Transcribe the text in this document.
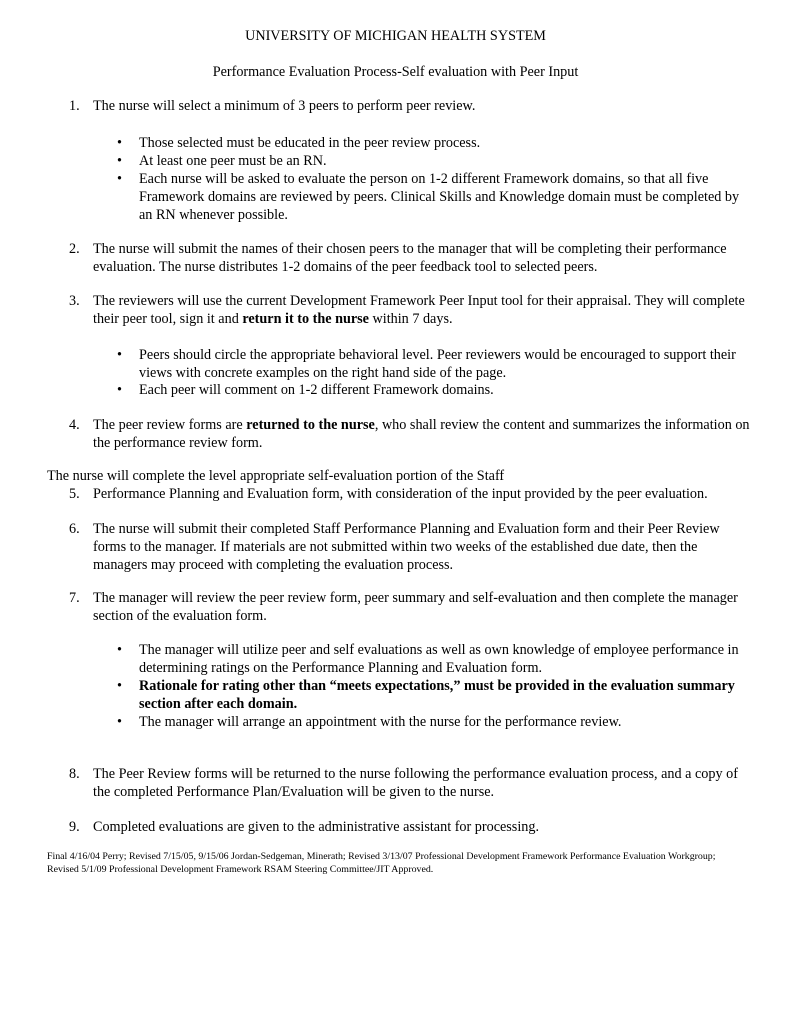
UNIVERSITY OF MICHIGAN HEALTH SYSTEM
Performance Evaluation Process-Self evaluation with Peer Input
1. The nurse will select a minimum of 3 peers to perform peer review.
• Those selected must be educated in the peer review process.
• At least one peer must be an RN.
• Each nurse will be asked to evaluate the person on 1-2 different Framework domains, so that all five Framework domains are reviewed by peers. Clinical Skills and Knowledge domain must be completed by an RN whenever possible.
2. The nurse will submit the names of their chosen peers to the manager that will be completing their performance evaluation. The nurse distributes 1-2 domains of the peer feedback tool to selected peers.
3. The reviewers will use the current Development Framework Peer Input tool for their appraisal. They will complete their peer tool, sign it and return it to the nurse within 7 days.
• Peers should circle the appropriate behavioral level. Peer reviewers would be encouraged to support their views with concrete examples on the right hand side of the page.
• Each peer will comment on 1-2 different Framework domains.
4. The peer review forms are returned to the nurse, who shall review the content and summarizes the information on the performance review form.
The nurse will complete the level appropriate self-evaluation portion of the Staff
5. Performance Planning and Evaluation form, with consideration of the input provided by the peer evaluation.
6. The nurse will submit their completed Staff Performance Planning and Evaluation form and their Peer Review forms to the manager. If materials are not submitted within two weeks of the established due date, then the managers may proceed with completing the evaluation process.
7. The manager will review the peer review form, peer summary and self-evaluation and then complete the manager section of the evaluation form.
• The manager will utilize peer and self evaluations as well as own knowledge of employee performance in determining ratings on the Performance Planning and Evaluation form.
• Rationale for rating other than “meets expectations,” must be provided in the evaluation summary section after each domain.
• The manager will arrange an appointment with the nurse for the performance review.
8. The Peer Review forms will be returned to the nurse following the performance evaluation process, and a copy of the completed Performance Plan/Evaluation will be given to the nurse.
9. Completed evaluations are given to the administrative assistant for processing.
Final 4/16/04 Perry; Revised 7/15/05, 9/15/06 Jordan-Sedgeman, Minerath; Revised 3/13/07 Professional Development Framework Performance Evaluation Workgroup; Revised 5/1/09 Professional Development Framework RSAM Steering Committee/JIT Approved.
